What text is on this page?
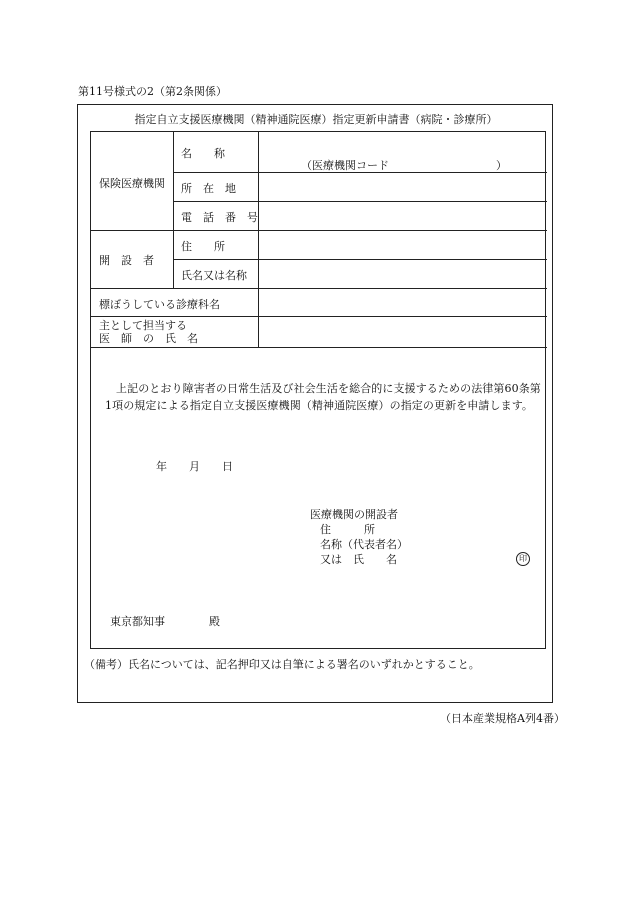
第11号様式の2（第2条関係）
指定自立支援医療機関（精神通院医療）指定更新申請書（病院・診療所）
保険医療機関
開　設　者
名　　称
所　在　地
電　話　番　号
住　　所
氏名又は名称
標ぼうしている診療科名
主として担当する
医　師　の　氏　名
（医療機関コード	）
上記のとおり障害者の日常生活及び社会生活を総合的に支援するための法律第60条第1項の規定による指定自立支援医療機関（精神通院医療）の指定の更新を申請します。
年　　月　　日
医療機関の開設者
住　　　所
名称（代表者名）
又は　氏　　名	印
東京都知事　　　　殿
（備考）氏名については、記名押印又は自筆による署名のいずれかとすること。
（日本産業規格A列4番）
